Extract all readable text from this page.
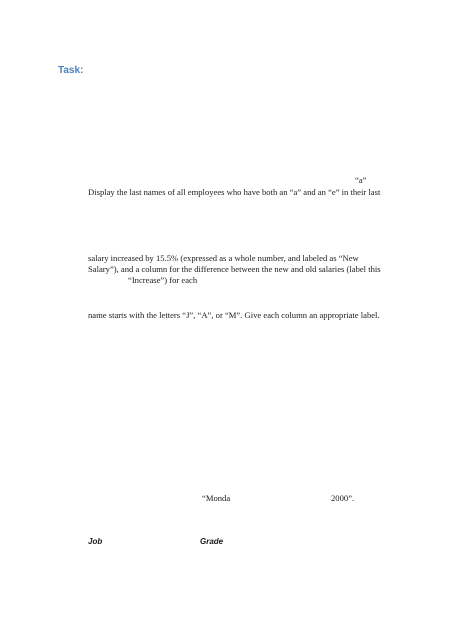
Task:
“a”
Display the last names of all employees who have both an “a” and an “e” in their last
salary increased by 15.5% (expressed as a whole number, and labeled as “New
Salary”), and a column for the difference between the new and old salaries (label this
“Increase”) for each
name starts with the letters “J”, “A”, or “M”. Give each column an appropriate label.
“Monda	2000”.
Job	Grade
